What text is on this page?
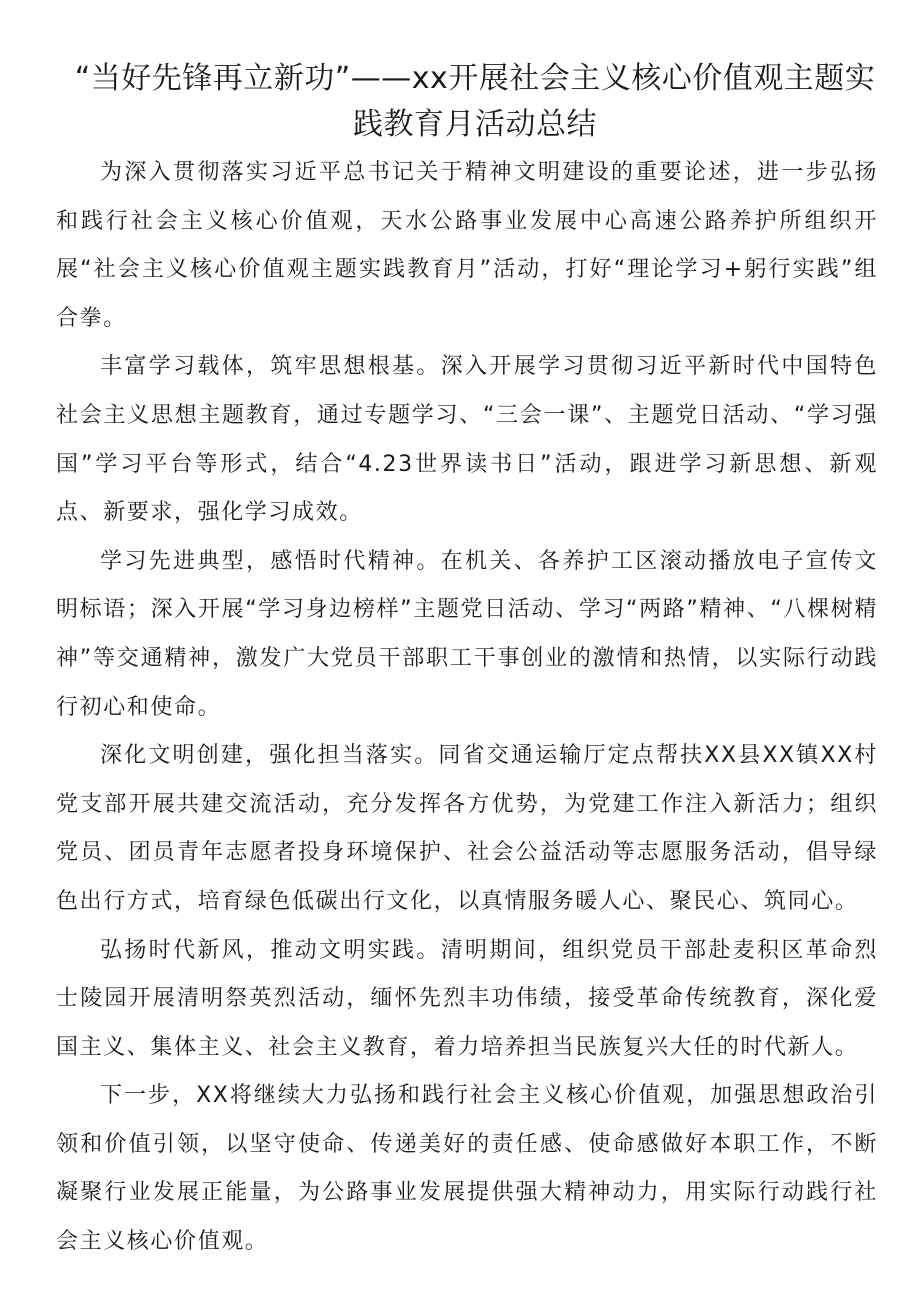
“当好先锋再立新功”——xx开展社会主义核心价值观主题实践教育月活动总结

为深入贯彻落实习近平总书记关于精神文明建设的重要论述，进一步弘扬和践行社会主义核心价值观，天水公路事业发展中心高速公路养护所组织开展“社会主义核心价值观主题实践教育月”活动，打好“理论学习+躬行实践”组合拳。

丰富学习载体，筑牢思想根基。深入开展学习贯彻习近平新时代中国特色社会主义思想主题教育，通过专题学习、“三会一课”、主题党日活动、“学习强国”学习平台等形式，结合“4.23世界读书日”活动，跟进学习新思想、新观点、新要求，强化学习成效。

学习先进典型，感悟时代精神。在机关、各养护工区滚动播放电子宣传文明标语；深入开展“学习身边榜样”主题党日活动、学习“两路”精神、“八棵树精神”等交通精神，激发广大党员干部职工干事创业的激情和热情，以实际行动践行初心和使命。

深化文明创建，强化担当落实。同省交通运输厅定点帮扶XX县XX镇XX村党支部开展共建交流活动，充分发挥各方优势，为党建工作注入新活力；组织党员、团员青年志愿者投身环境保护、社会公益活动等志愿服务活动，倡导绿色出行方式，培育绿色低碳出行文化，以真情服务暖人心、聚民心、筑同心。

弘扬时代新风，推动文明实践。清明期间，组织党员干部赴麦积区革命烈士陵园开展清明祭英烈活动，缅怀先烈丰功伟绩，接受革命传统教育，深化爱国主义、集体主义、社会主义教育，着力培养担当民族复兴大任的时代新人。

下一步，XX将继续大力弘扬和践行社会主义核心价值观，加强思想政治引领和价值引领，以坚守使命、传递美好的责任感、使命感做好本职工作，不断凝聚行业发展正能量，为公路事业发展提供强大精神动力，用实际行动践行社会主义核心价值观。
